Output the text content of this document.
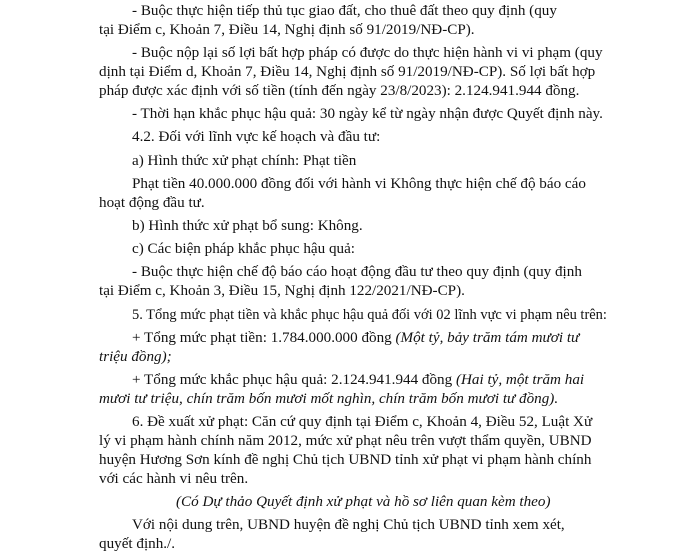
- Buộc thực hiện tiếp thủ tục giao đất, cho thuê đất theo quy định (quy
tại Điểm c, Khoản 7, Điều 14, Nghị định số 91/2019/NĐ-CP).
- Buộc nộp lại số lợi bất hợp pháp có được do thực hiện hành vi vi phạm (quy
dịnh tại Điểm d, Khoản 7, Điều 14, Nghị định số 91/2019/NĐ-CP). Số lợi bất hợp
pháp được xác định với số tiền (tính đến ngày 23/8/2023): 2.124.941.944 đồng.
- Thời hạn khắc phục hậu quả: 30 ngày kể từ ngày nhận được Quyết định này.
4.2. Đối với lĩnh vực kế hoạch và đầu tư:
a) Hình thức xử phạt chính: Phạt tiền
Phạt tiền 40.000.000 đồng đối với hành vi Không thực hiện chế độ báo cáo
hoạt động đầu tư.
b) Hình thức xử phạt bổ sung: Không.
c) Các biện pháp khắc phục hậu quả:
- Buộc thực hiện chế độ báo cáo hoạt động đầu tư theo quy định (quy định
tại Điểm c, Khoản 3, Điều 15, Nghị định 122/2021/NĐ-CP).
5. Tổng mức phạt tiền và khắc phục hậu quả đối với 02 lĩnh vực vi phạm nêu trên:
+ Tổng mức phạt tiền: 1.784.000.000 đồng (Một tỷ, bảy trăm tám mươi tư
triệu đồng);
+ Tổng mức khắc phục hậu quả: 2.124.941.944 đồng (Hai tỷ, một trăm hai
mươi tư triệu, chín trăm bốn mươi mốt nghìn, chín trăm bốn mươi tư đồng).
6. Đề xuất xử phạt: Căn cứ quy định tại Điểm c, Khoản 4, Điều 52, Luật Xử
lý vi phạm hành chính năm 2012, mức xử phạt nêu trên vượt thẩm quyền, UBND
huyện Hương Sơn kính đề nghị Chủ tịch UBND tỉnh xử phạt vi phạm hành chính
với các hành vi nêu trên.
(Có Dự thảo Quyết định xử phạt và hồ sơ liên quan kèm theo)
Với nội dung trên, UBND huyện đề nghị Chủ tịch UBND tỉnh xem xét,
quyết định./.
